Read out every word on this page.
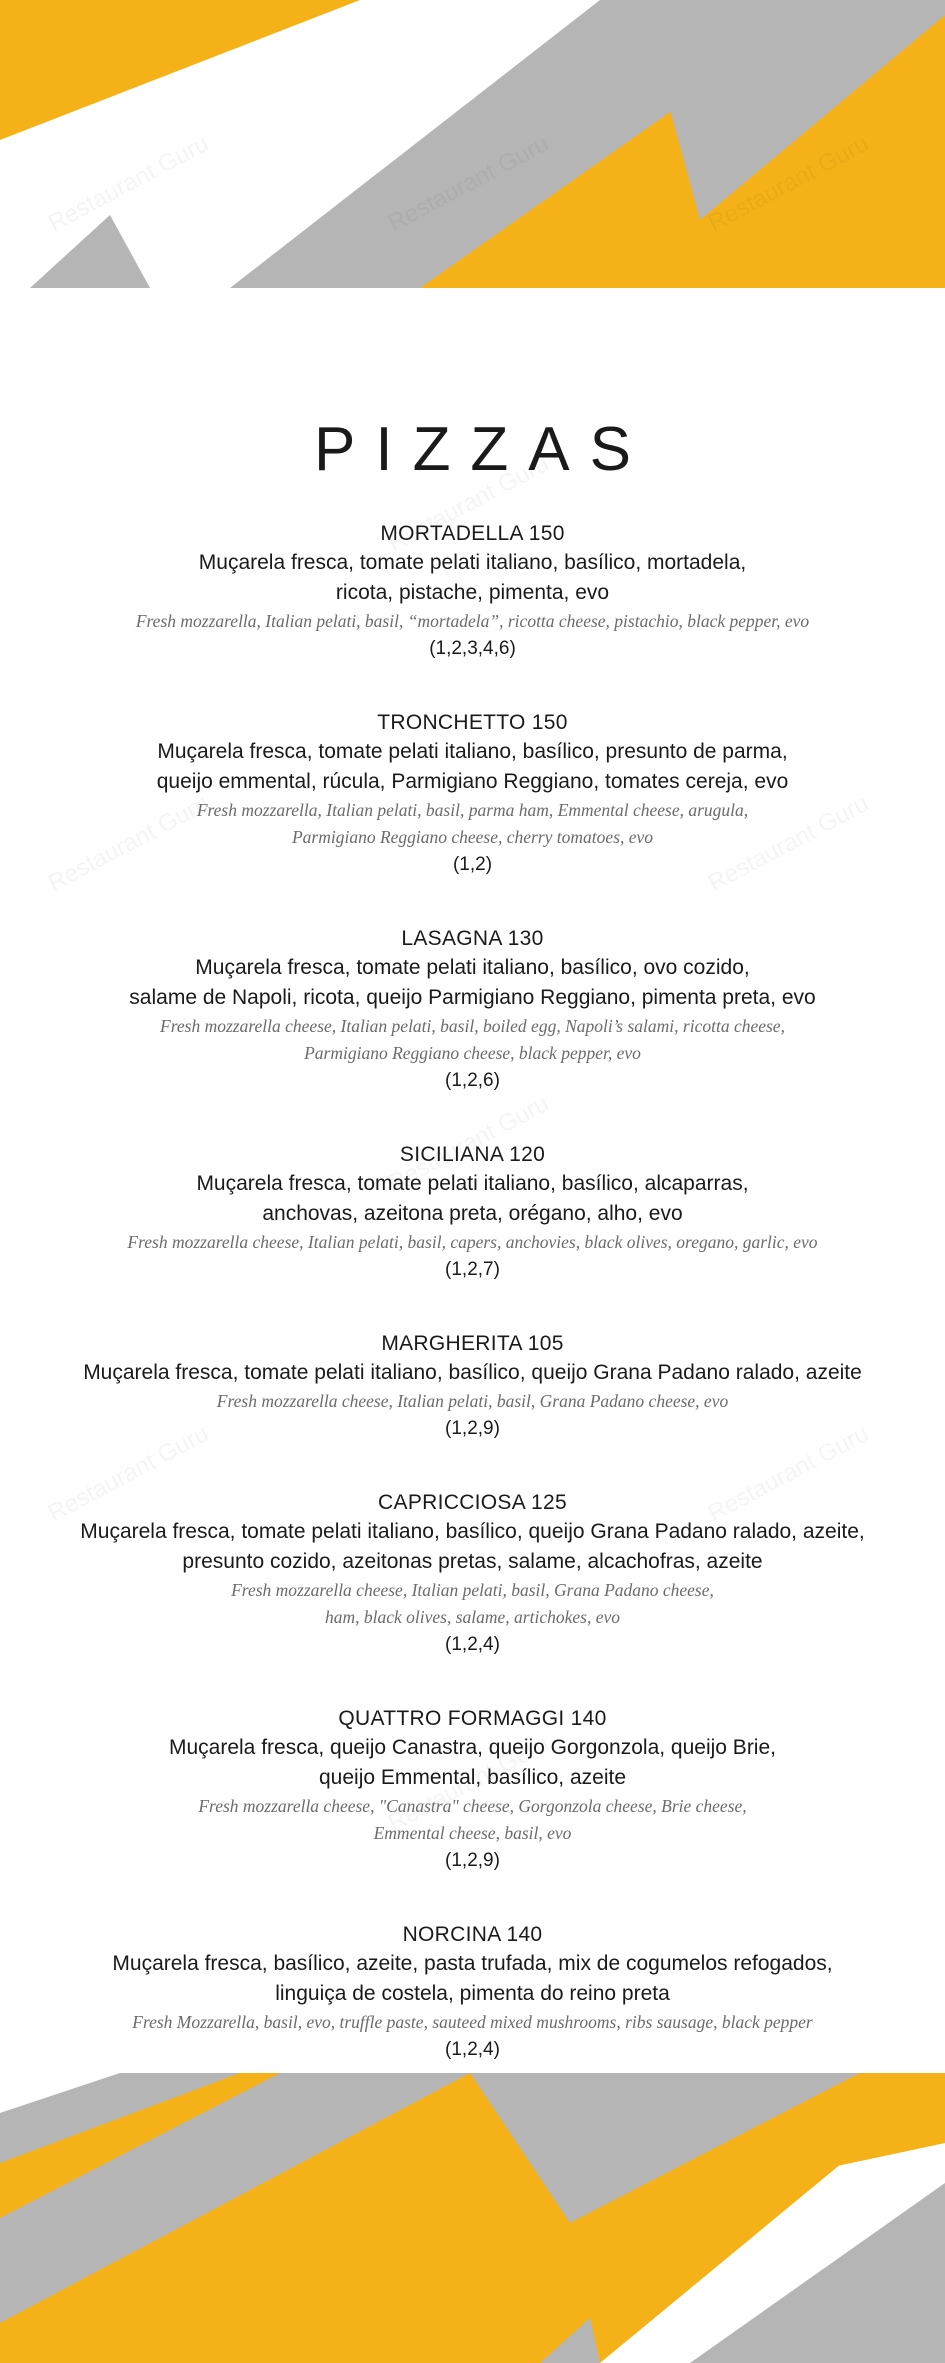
PIZZAS
MORTADELLA 150
Muçarela fresca, tomate pelati italiano, basílico, mortadela,
ricota, pistache, pimenta, evo
Fresh mozzarella, Italian pelati, basil, “mortadela”, ricotta cheese, pistachio, black pepper, evo
(1,2,3,4,6)
TRONCHETTO 150
Muçarela fresca, tomate pelati italiano, basílico, presunto de parma,
queijo emmental, rúcula, Parmigiano Reggiano, tomates cereja, evo
Fresh mozzarella, Italian pelati, basil, parma ham, Emmental cheese, arugula,
Parmigiano Reggiano cheese, cherry tomatoes, evo
(1,2)
LASAGNA 130
Muçarela fresca, tomate pelati italiano, basílico, ovo cozido,
salame de Napoli, ricota, queijo Parmigiano Reggiano, pimenta preta, evo
Fresh mozzarella cheese, Italian pelati, basil, boiled egg, Napoli’s salami, ricotta cheese,
Parmigiano Reggiano cheese, black pepper, evo
(1,2,6)
SICILIANA 120
Muçarela fresca, tomate pelati italiano, basílico, alcaparras,
anchovas, azeitona preta, orégano, alho, evo
Fresh mozzarella cheese, Italian pelati, basil, capers, anchovies, black olives, oregano, garlic, evo
(1,2,7)
MARGHERITA 105
Muçarela fresca, tomate pelati italiano, basílico, queijo Grana Padano ralado, azeite
Fresh mozzarella cheese, Italian pelati, basil, Grana Padano cheese, evo
(1,2,9)
CAPRICCIOSA 125
Muçarela fresca, tomate pelati italiano, basílico, queijo Grana Padano ralado, azeite,
presunto cozido, azeitonas pretas, salame, alcachofras, azeite
Fresh mozzarella cheese, Italian pelati, basil, Grana Padano cheese,
ham, black olives, salame, artichokes, evo
(1,2,4)
QUATTRO FORMAGGI 140
Muçarela fresca, queijo Canastra, queijo Gorgonzola, queijo Brie,
queijo Emmental, basílico, azeite
Fresh mozzarella cheese, "Canastra" cheese, Gorgonzola cheese, Brie cheese,
Emmental cheese, basil, evo
(1,2,9)
NORCINA 140
Muçarela fresca, basílico, azeite, pasta trufada, mix de cogumelos refogados,
linguiça de costela, pimenta do reino preta
Fresh Mozzarella, basil, evo, truffle paste, sauteed mixed mushrooms, ribs sausage, black pepper
(1,2,4)
